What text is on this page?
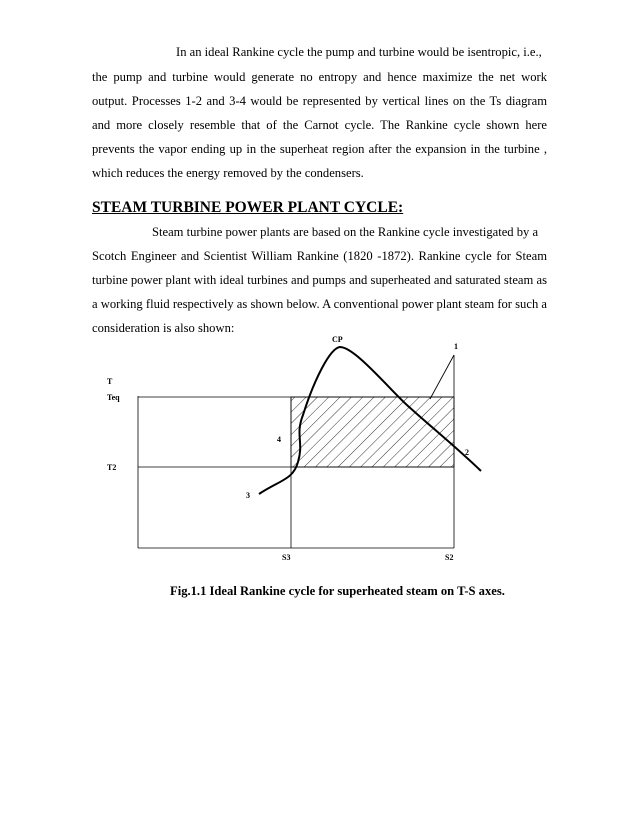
In an ideal Rankine cycle the pump and turbine would be isentropic, i.e.,
the pump and turbine would generate no entropy and hence maximize the net work
output. Processes 1-2 and 3-4 would be represented by vertical lines on the Ts diagram
and more closely resemble that of the Carnot cycle. The Rankine cycle shown here
prevents the vapor ending up in the superheat region after the expansion in the turbine ,
which reduces the energy removed by the condensers.
STEAM TURBINE POWER PLANT CYCLE:
Steam turbine power plants are based on the Rankine cycle investigated by a
Scotch Engineer and Scientist William Rankine (1820 -1872). Rankine cycle for Steam
turbine power plant with ideal turbines and pumps and superheated and saturated steam as
a working fluid respectively as shown below. A conventional power plant steam for such a
consideration is also shown:
T
Teq
T2
S3	S2
CP
1
2
3
4
Fig.1.1 Ideal Rankine cycle for superheated steam on T-S axes.
